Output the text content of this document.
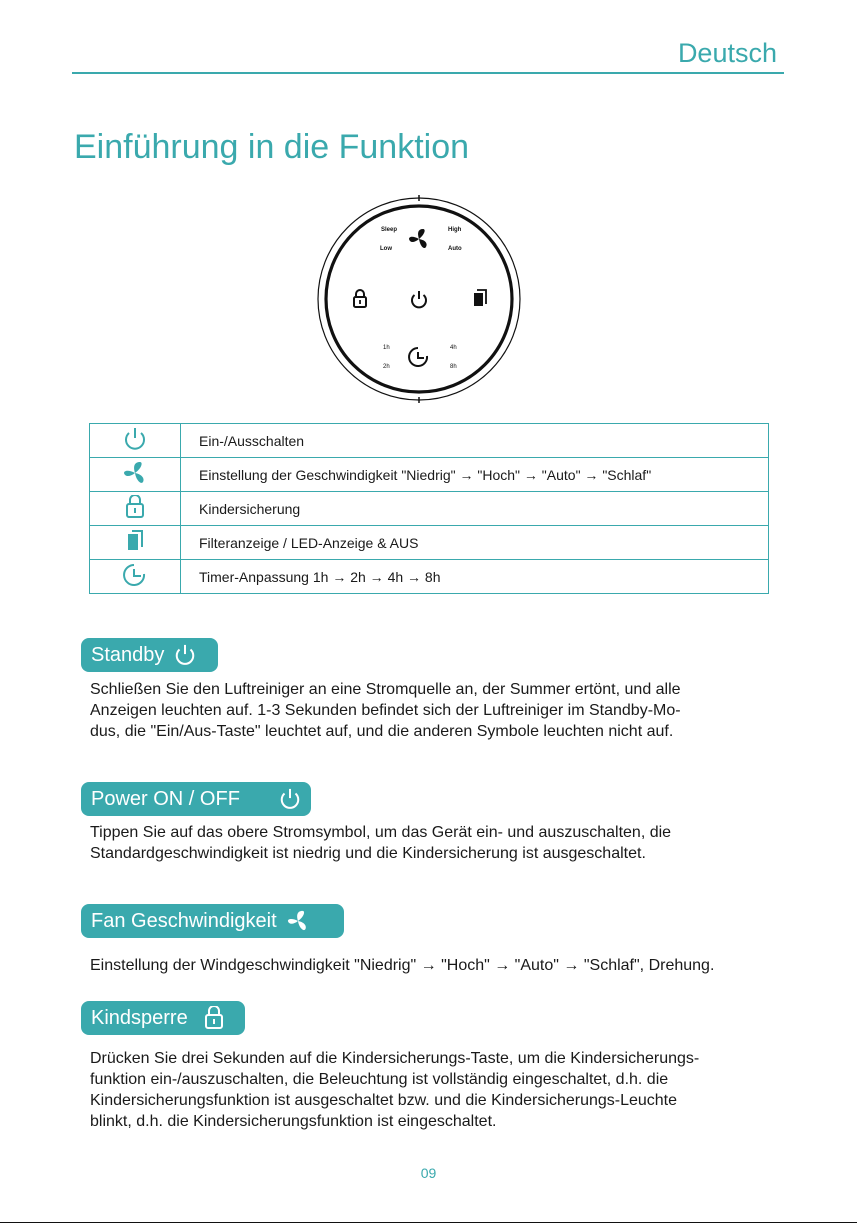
Deutsch
Einführung in die Funktion
Sleep	High
Low	Auto
1h	4h
2h	8h
	Ein-/Ausschalten
	Einstellung der Geschwindigkeit "Niedrig" → "Hoch" → "Auto" → "Schlaf"
	Kindersicherung
	Filteranzeige / LED-Anzeige & AUS
	Timer-Anpassung 1h → 2h → 4h → 8h
Standby
Schließen Sie den Luftreiniger an eine Stromquelle an, der Summer ertönt, und alle
Anzeigen leuchten auf. 1-3 Sekunden befindet sich der Luftreiniger im Standby-Mo-
dus, die "Ein/Aus-Taste" leuchtet auf, und die anderen Symbole leuchten nicht auf.
Power ON / OFF
Tippen Sie auf das obere Stromsymbol, um das Gerät ein- und auszuschalten, die
Standardgeschwindigkeit ist niedrig und die Kindersicherung ist ausgeschaltet.
Fan Geschwindigkeit
Einstellung der Windgeschwindigkeit "Niedrig" → "Hoch" → "Auto" → "Schlaf", Drehung.
Kindsperre
Drücken Sie drei Sekunden auf die Kindersicherungs-Taste, um die Kindersicherungs-
funktion ein-/auszuschalten, die Beleuchtung ist vollständig eingeschaltet, d.h. die
Kindersicherungsfunktion ist ausgeschaltet bzw. und die Kindersicherungs-Leuchte
blinkt, d.h. die Kindersicherungsfunktion ist eingeschaltet.
09
